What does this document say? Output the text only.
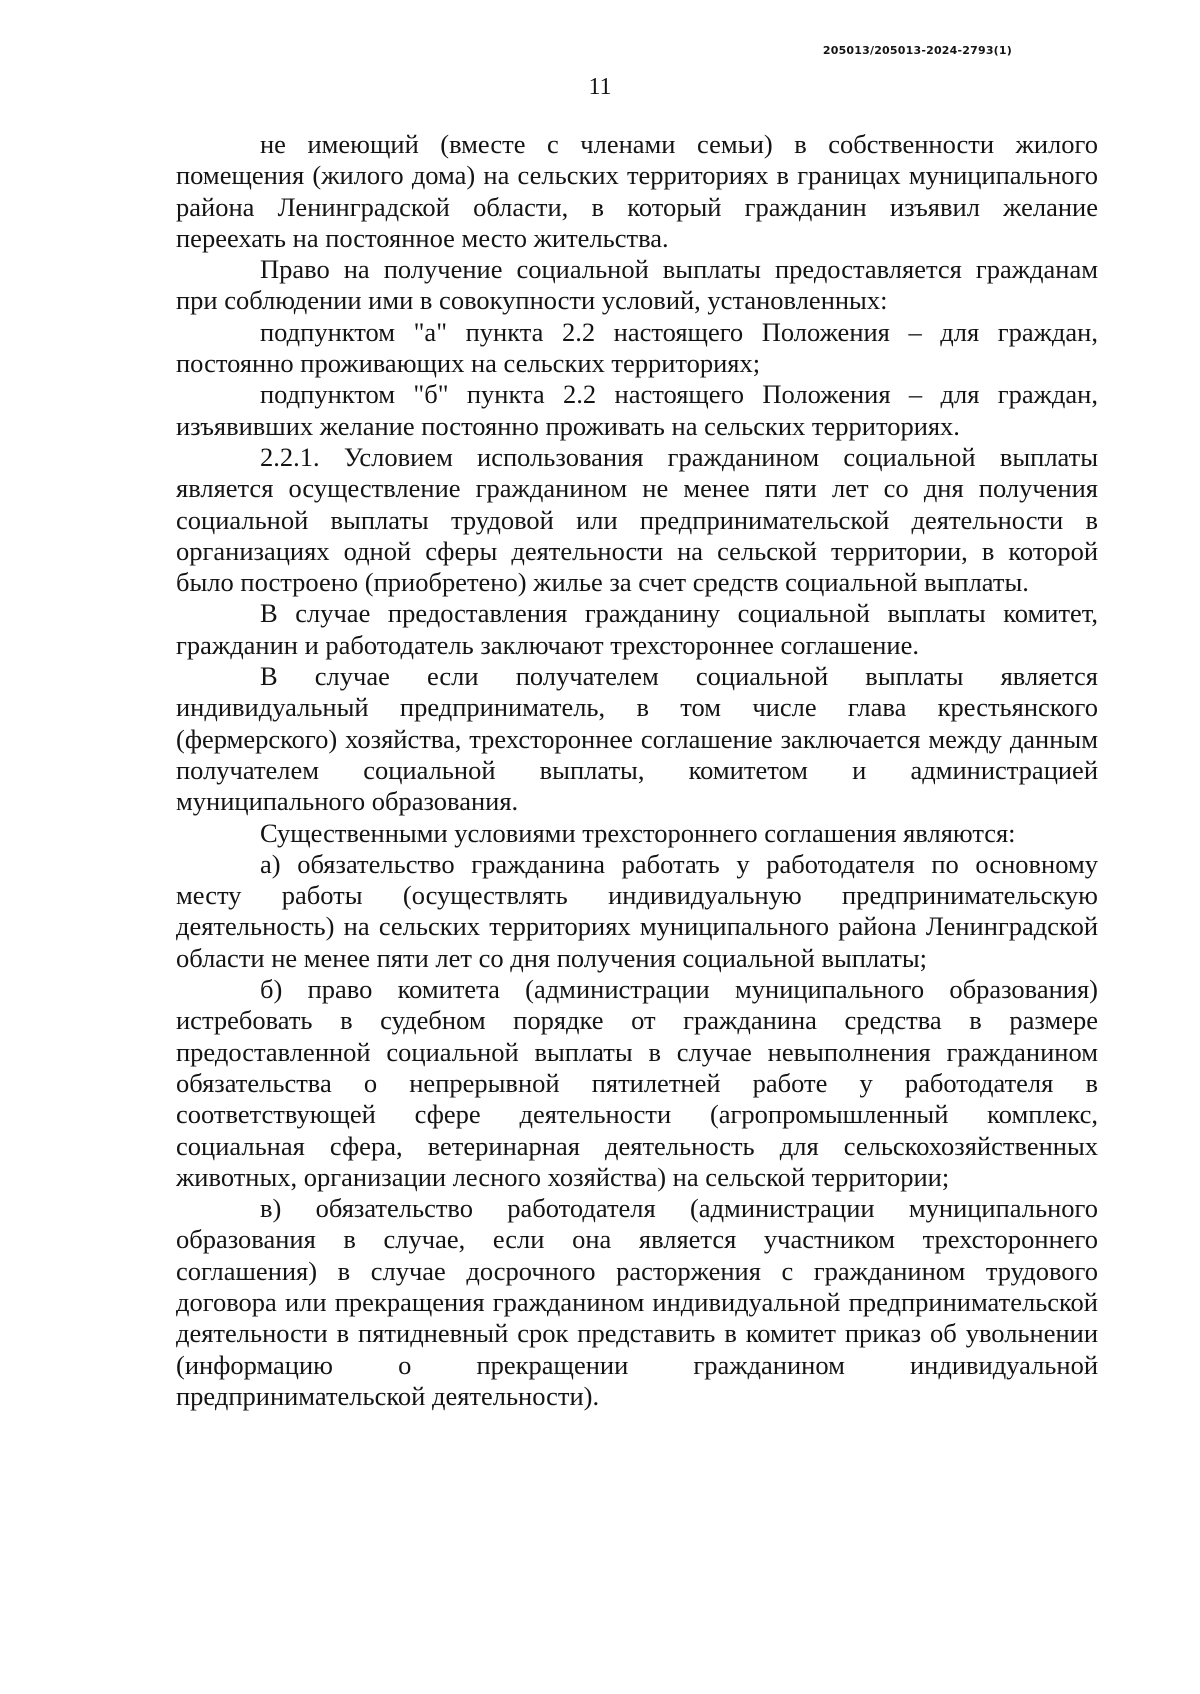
205013/205013-2024-2793(1)
11

не имеющий (вместе с членами семьи) в собственности жилого помещения (жилого дома) на сельских территориях в границах муниципального района Ленинградской области, в который гражданин изъявил желание переехать на постоянное место жительства.

Право на получение социальной выплаты предоставляется гражданам при соблюдении ими в совокупности условий, установленных:

подпунктом "а" пункта 2.2 настоящего Положения – для граждан, постоянно проживающих на сельских территориях;

подпунктом "б" пункта 2.2 настоящего Положения – для граждан, изъявивших желание постоянно проживать на сельских территориях.

2.2.1. Условием использования гражданином социальной выплаты является осуществление гражданином не менее пяти лет со дня получения социальной выплаты трудовой или предпринимательской деятельности в организациях одной сферы деятельности на сельской территории, в которой было построено (приобретено) жилье за счет средств социальной выплаты.

В случае предоставления гражданину социальной выплаты комитет, гражданин и работодатель заключают трехстороннее соглашение.

В случае если получателем социальной выплаты является индивидуальный предприниматель, в том числе глава крестьянского (фермерского) хозяйства, трехстороннее соглашение заключается между данным получателем социальной выплаты, комитетом и администрацией муниципального образования.

Существенными условиями трехстороннего соглашения являются:

а) обязательство гражданина работать у работодателя по основному месту работы (осуществлять индивидуальную предпринимательскую деятельность) на сельских территориях муниципального района Ленинградской области не менее пяти лет со дня получения социальной выплаты;

б) право комитета (администрации муниципального образования) истребовать в судебном порядке от гражданина средства в размере предоставленной социальной выплаты в случае невыполнения гражданином обязательства о непрерывной пятилетней работе у работодателя в соответствующей сфере деятельности (агропромышленный комплекс, социальная сфера, ветеринарная деятельность для сельскохозяйственных животных, организации лесного хозяйства) на сельской территории;

в) обязательство работодателя (администрации муниципального образования в случае, если она является участником трехстороннего соглашения) в случае досрочного расторжения с гражданином трудового договора или прекращения гражданином индивидуальной предпринимательской деятельности в пятидневный срок представить в комитет приказ об увольнении (информацию о прекращении гражданином индивидуальной предпринимательской деятельности).
